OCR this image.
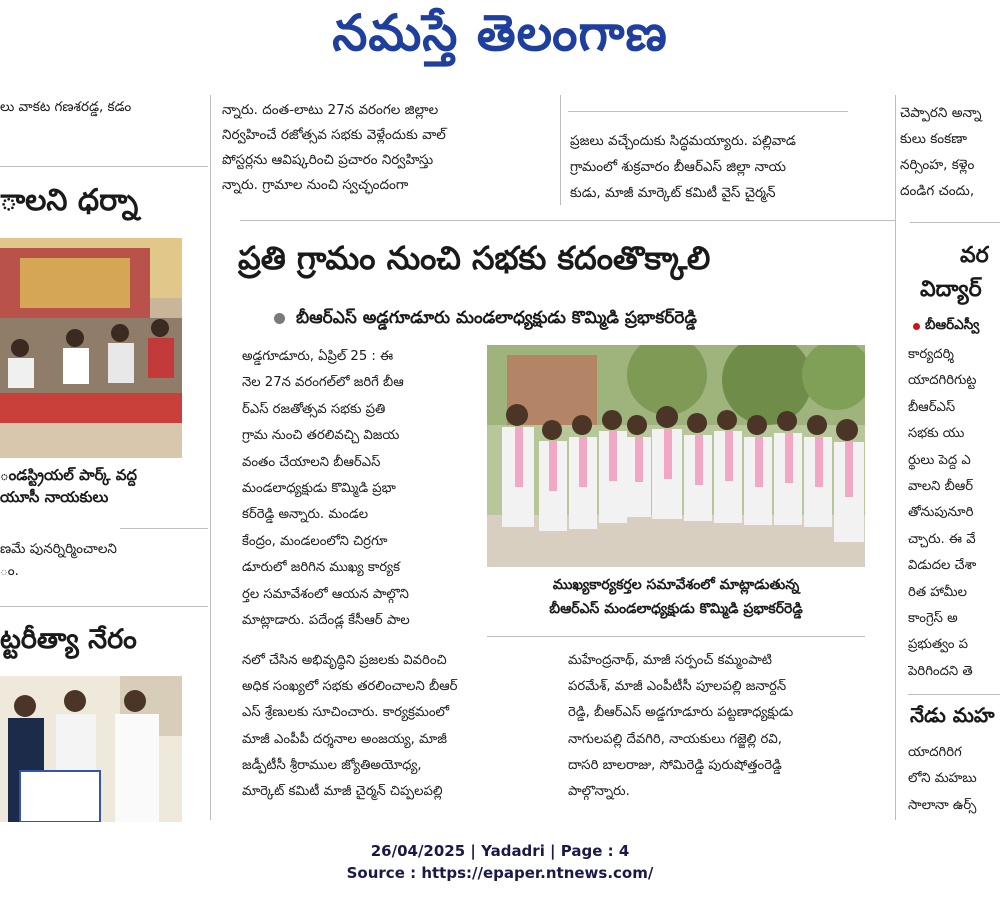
నమస్తే తెలంగాణ
లు వాకట గణశరడ్డ, కడం
ాలని ధర్నా

ండస్ట్రియల్ పార్క్ వద్ద

యూసీ నాయకులు

ణమే పునర్నిర్మించాలని

ం.

ట్టరీత్యా నేరం

న్నారు. దంత-లాటు 27న వరంగల జిల్లాల

నిర్వహించే రజోత్సవ సభకు వెళ్లేందుకు వాల్

పోస్టర్లను ఆవిష్కరించి ప్రచారం నిర్వహిస్తు

న్నారు. గ్రామాల నుంచి స్వచ్ఛందంగా

ప్రజలు వచ్చేందుకు సిద్ధమయ్యారు. పల్లివాడ

గ్రామంలో శుక్రవారం బీఆర్ఎస్ జిల్లా నాయ

కుడు, మాజీ మార్కెట్ కమిటీ వైస్ చైర్మన్

చెప్పారని అన్నా

కులు కంకణా

నర్సింహ, కళ్లెం

దండిగ చందు,

ప్రతి గ్రామం నుంచి సభకు కదంతొక్కాలి
బీఆర్ఎస్ అడ్డగూడూరు మండలాధ్యక్షుడు కొమ్మిడి ప్రభాకర్‌రెడ్డి

అడ్డగూడూరు, ఏప్రిల్ 25 : ఈ

నెల 27న వరంగల్‌లో జరిగే బీఆ

ర్ఎస్ రజతోత్సవ సభకు ప్రతి

గ్రామ నుంచి తరలివచ్చి విజయ

వంతం చేయాలని బీఆర్ఎస్

మండలాధ్యక్షుడు కొమ్మిడి ప్రభా

కర్‌రెడ్డి అన్నారు. మండల

కేంద్రం, మండలంలోని చిర్రగూ

డూరులో జరిగిన ముఖ్య కార్యక

ర్తల సమావేశంలో ఆయన పాల్గొని

మాట్లాడారు. పదేండ్ల కేసీఆర్ పాల

ముఖ్యకార్యకర్తల సమావేశంలో మాట్లాడుతున్న
బీఆర్ఎస్ మండలాధ్యక్షుడు కొమ్మిడి ప్రభాకర్‌రెడ్డి

నలో చేసిన అభివృద్ధిని ప్రజలకు వివరించి

అధిక సంఖ్యలో సభకు తరలించాలని బీఆర్

ఎస్ శ్రేణులకు సూచించారు. కార్యక్రమంలో

మాజీ ఎంపీపీ దర్శనాల అంజయ్య, మాజీ

జడ్పీటీసీ శ్రీరాముల జ్యోతిఅయోధ్య,

మార్కెట్ కమిటీ మాజీ చైర్మన్ చిప్పలపల్లి

మహేంద్రనాథ్, మాజీ సర్పంచ్ కమ్మంపాటి

పరమేశ్, మాజీ ఎంపీటీసీ పూలపల్లి జనార్దన్

రెడ్డి, బీఆర్ఎస్ అడ్డగూడూరు పట్టణాధ్యక్షుడు

నాగులపల్లి దేవగిరి, నాయకులు గజ్జెల్లి రవి,

దాసరి బాలరాజు, సోమిరెడ్డి పురుషోత్తంరెడ్డి

పాల్గొన్నారు.

వర
విద్యార్
బీఆర్ఎస్వీ

కార్యదర్శి

యాదగిరిగుట్ట

బీఆర్ఎస్

సభకు యు

ర్థులు పెద్ద ఎ

వాలని బీఆర్

తోనుపునూరి

చ్చారు. ఈ వే

విడుదల చేశా

రిత హామీల

కాంగ్రెస్ అ

ప్రభుత్వం ప

పెరిగిందని తె

నేడు మహ

యాదగిరిగ

లోని మహబు

సాలానా ఉర్స్

26/04/2025 | Yadadri | Page : 4
Source : https://epaper.ntnews.com/
